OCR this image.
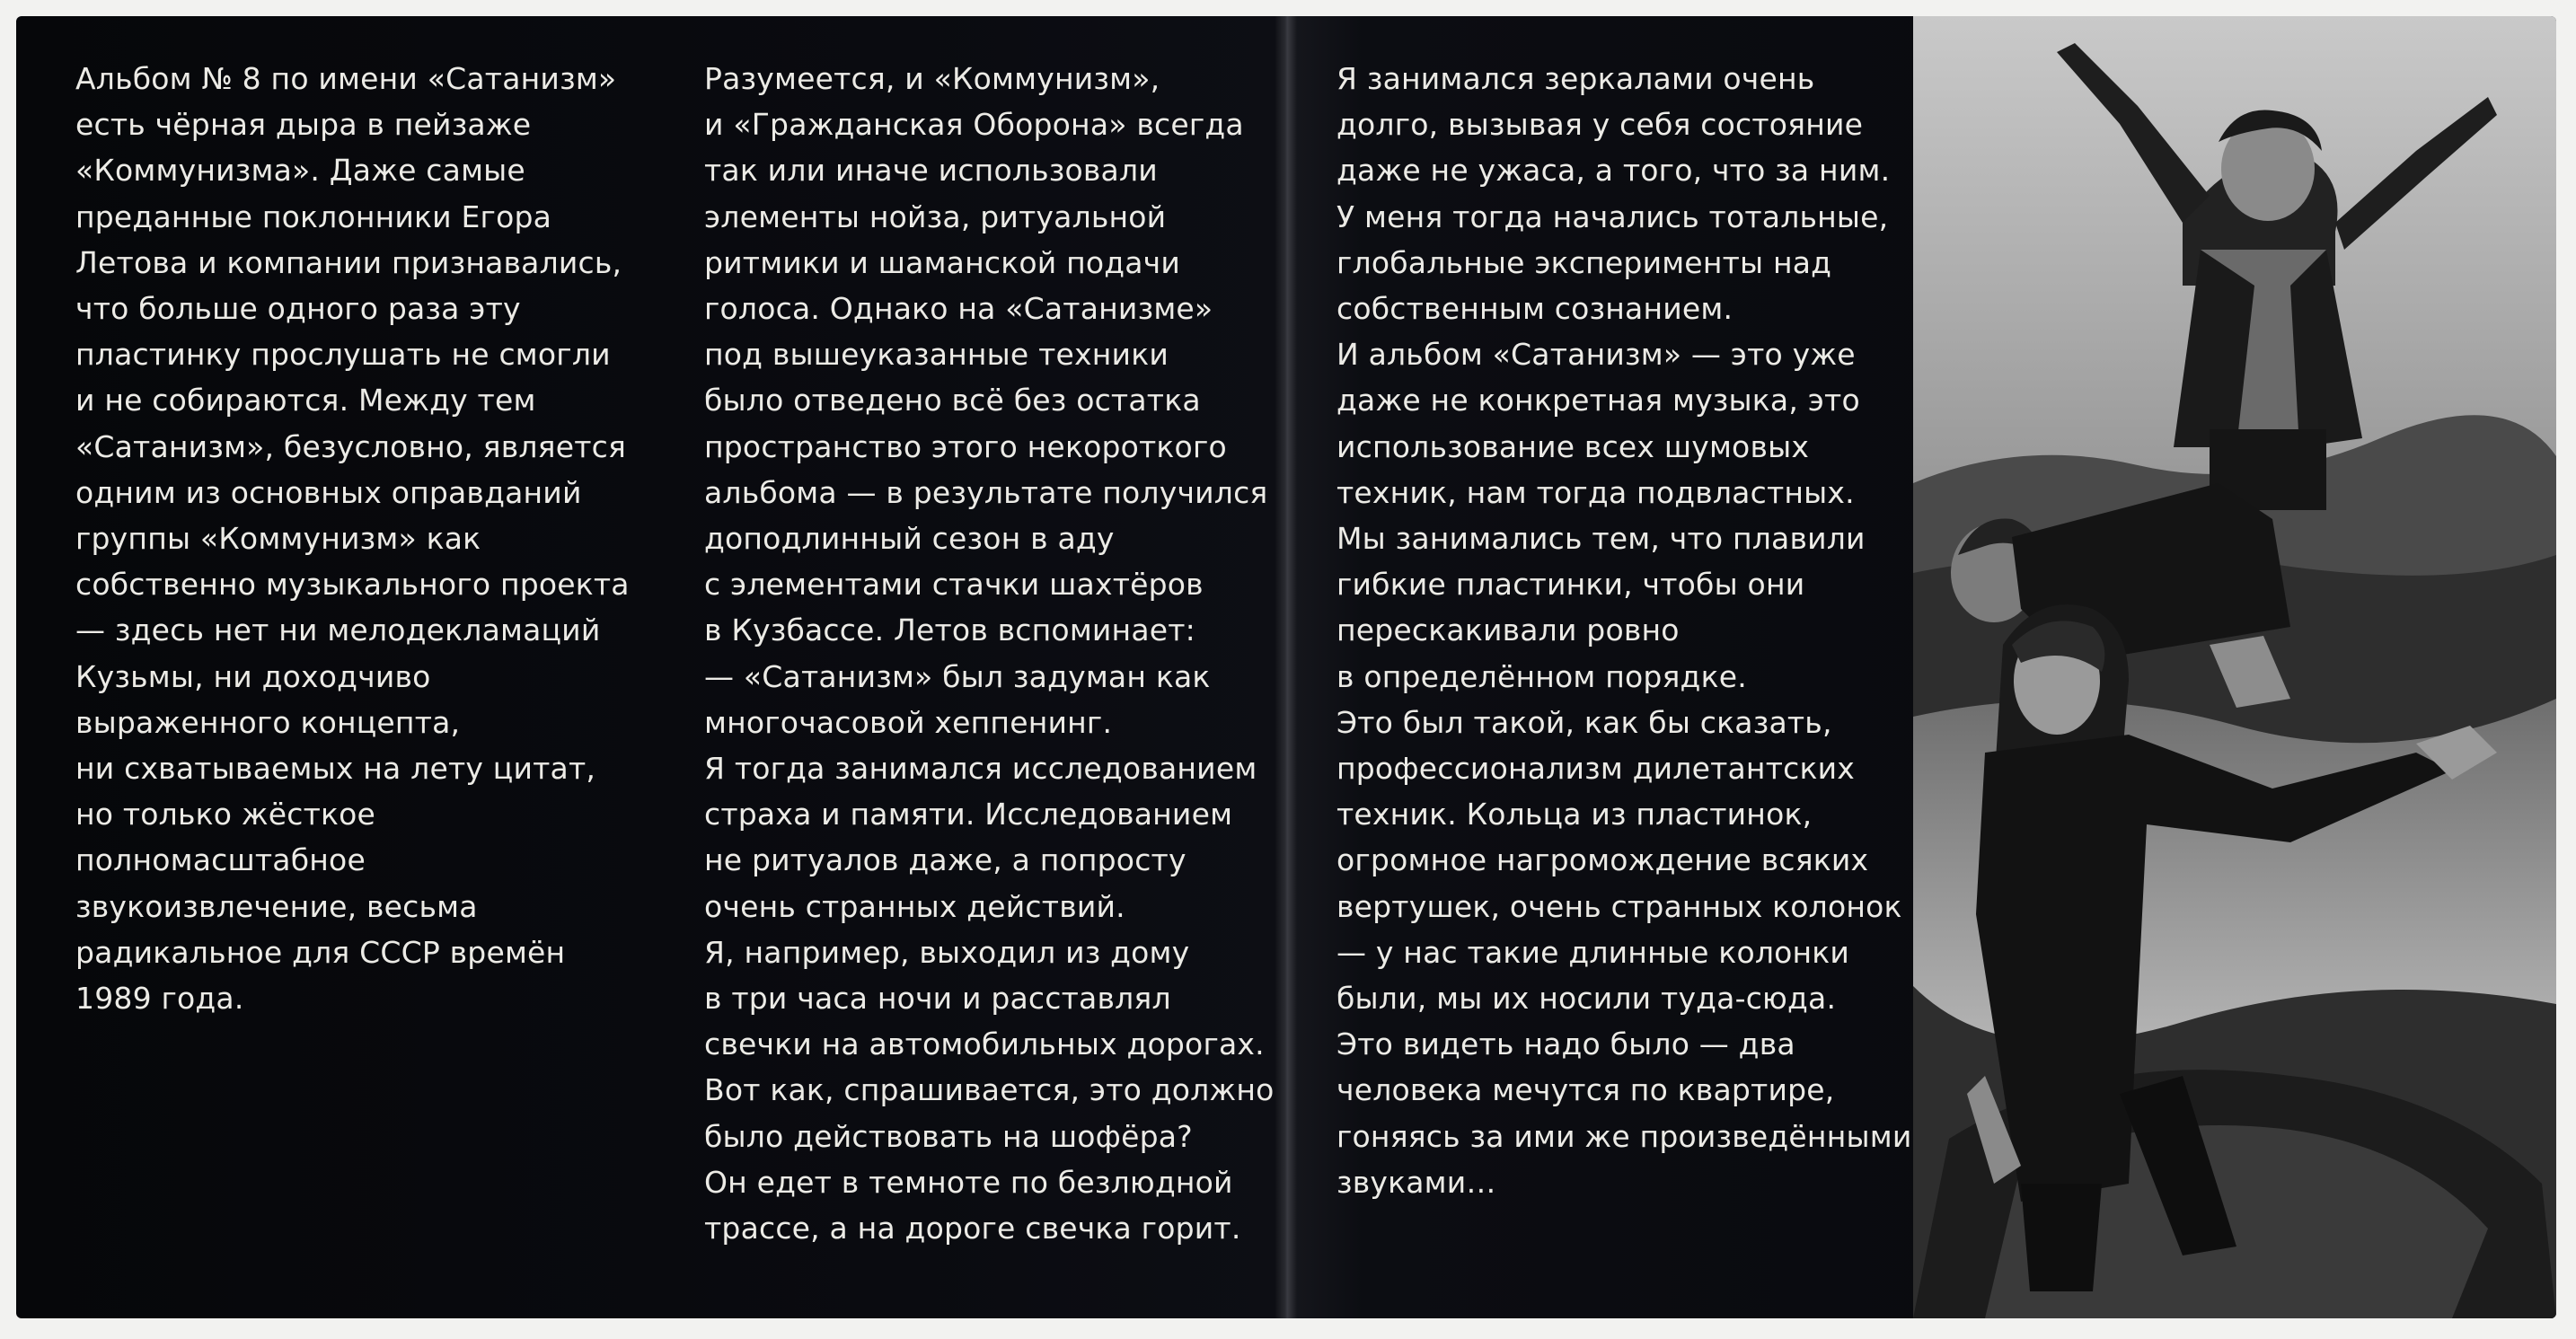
Альбом № 8 по имени «Сатанизм»
есть чёрная дыра в пейзаже
«Коммунизма». Даже самые
преданные поклонники Егора
Летова и компании признавались,
что больше одного раза эту
пластинку прослушать не смогли
и не собираются. Между тем
«Сатанизм», безусловно, является
одним из основных оправданий
группы «Коммунизм» как
собственно музыкального проекта
— здесь нет ни мелодекламаций
Кузьмы, ни доходчиво
выраженного концепта,
ни схватываемых на лету цитат,
но только жёсткое
полномасштабное
звукоизвлечение, весьма
радикальное для СССР времён
1989 года.
Разумеется, и «Коммунизм»,
и «Гражданская Оборона» всегда
так или иначе использовали
элементы нойза, ритуальной
ритмики и шаманской подачи
голоса. Однако на «Сатанизме»
под вышеуказанные техники
было отведено всё без остатка
пространство этого некороткого
альбома — в результате получился
доподлинный сезон в аду
с элементами стачки шахтёров
в Кузбассе. Летов вспоминает:
— «Сатанизм» был задуман как
многочасовой хеппенинг.
Я тогда занимался исследованием
страха и памяти. Исследованием
не ритуалов даже, а попросту
очень странных действий.
Я, например, выходил из дому
в три часа ночи и расставлял
свечки на автомобильных дорогах.
Вот как, спрашивается, это должно
было действовать на шофёра?
Он едет в темноте по безлюдной
трассе, а на дороге свечка горит.
Я занимался зеркалами очень
долго, вызывая у себя состояние
даже не ужаса, а того, что за ним.
У меня тогда начались тотальные,
глобальные эксперименты над
собственным сознанием.
И альбом «Сатанизм» — это уже
даже не конкретная музыка, это
использование всех шумовых
техник, нам тогда подвластных.
Мы занимались тем, что плавили
гибкие пластинки, чтобы они
перескакивали ровно
в определённом порядке.
Это был такой, как бы сказать,
профессионализм дилетантских
техник. Кольца из пластинок,
огромное нагромождение всяких
вертушек, очень странных колонок
— у нас такие длинные колонки
были, мы их носили туда-сюда.
Это видеть надо было — два
человека мечутся по квартире,
гоняясь за ими же произведёнными
звуками…
